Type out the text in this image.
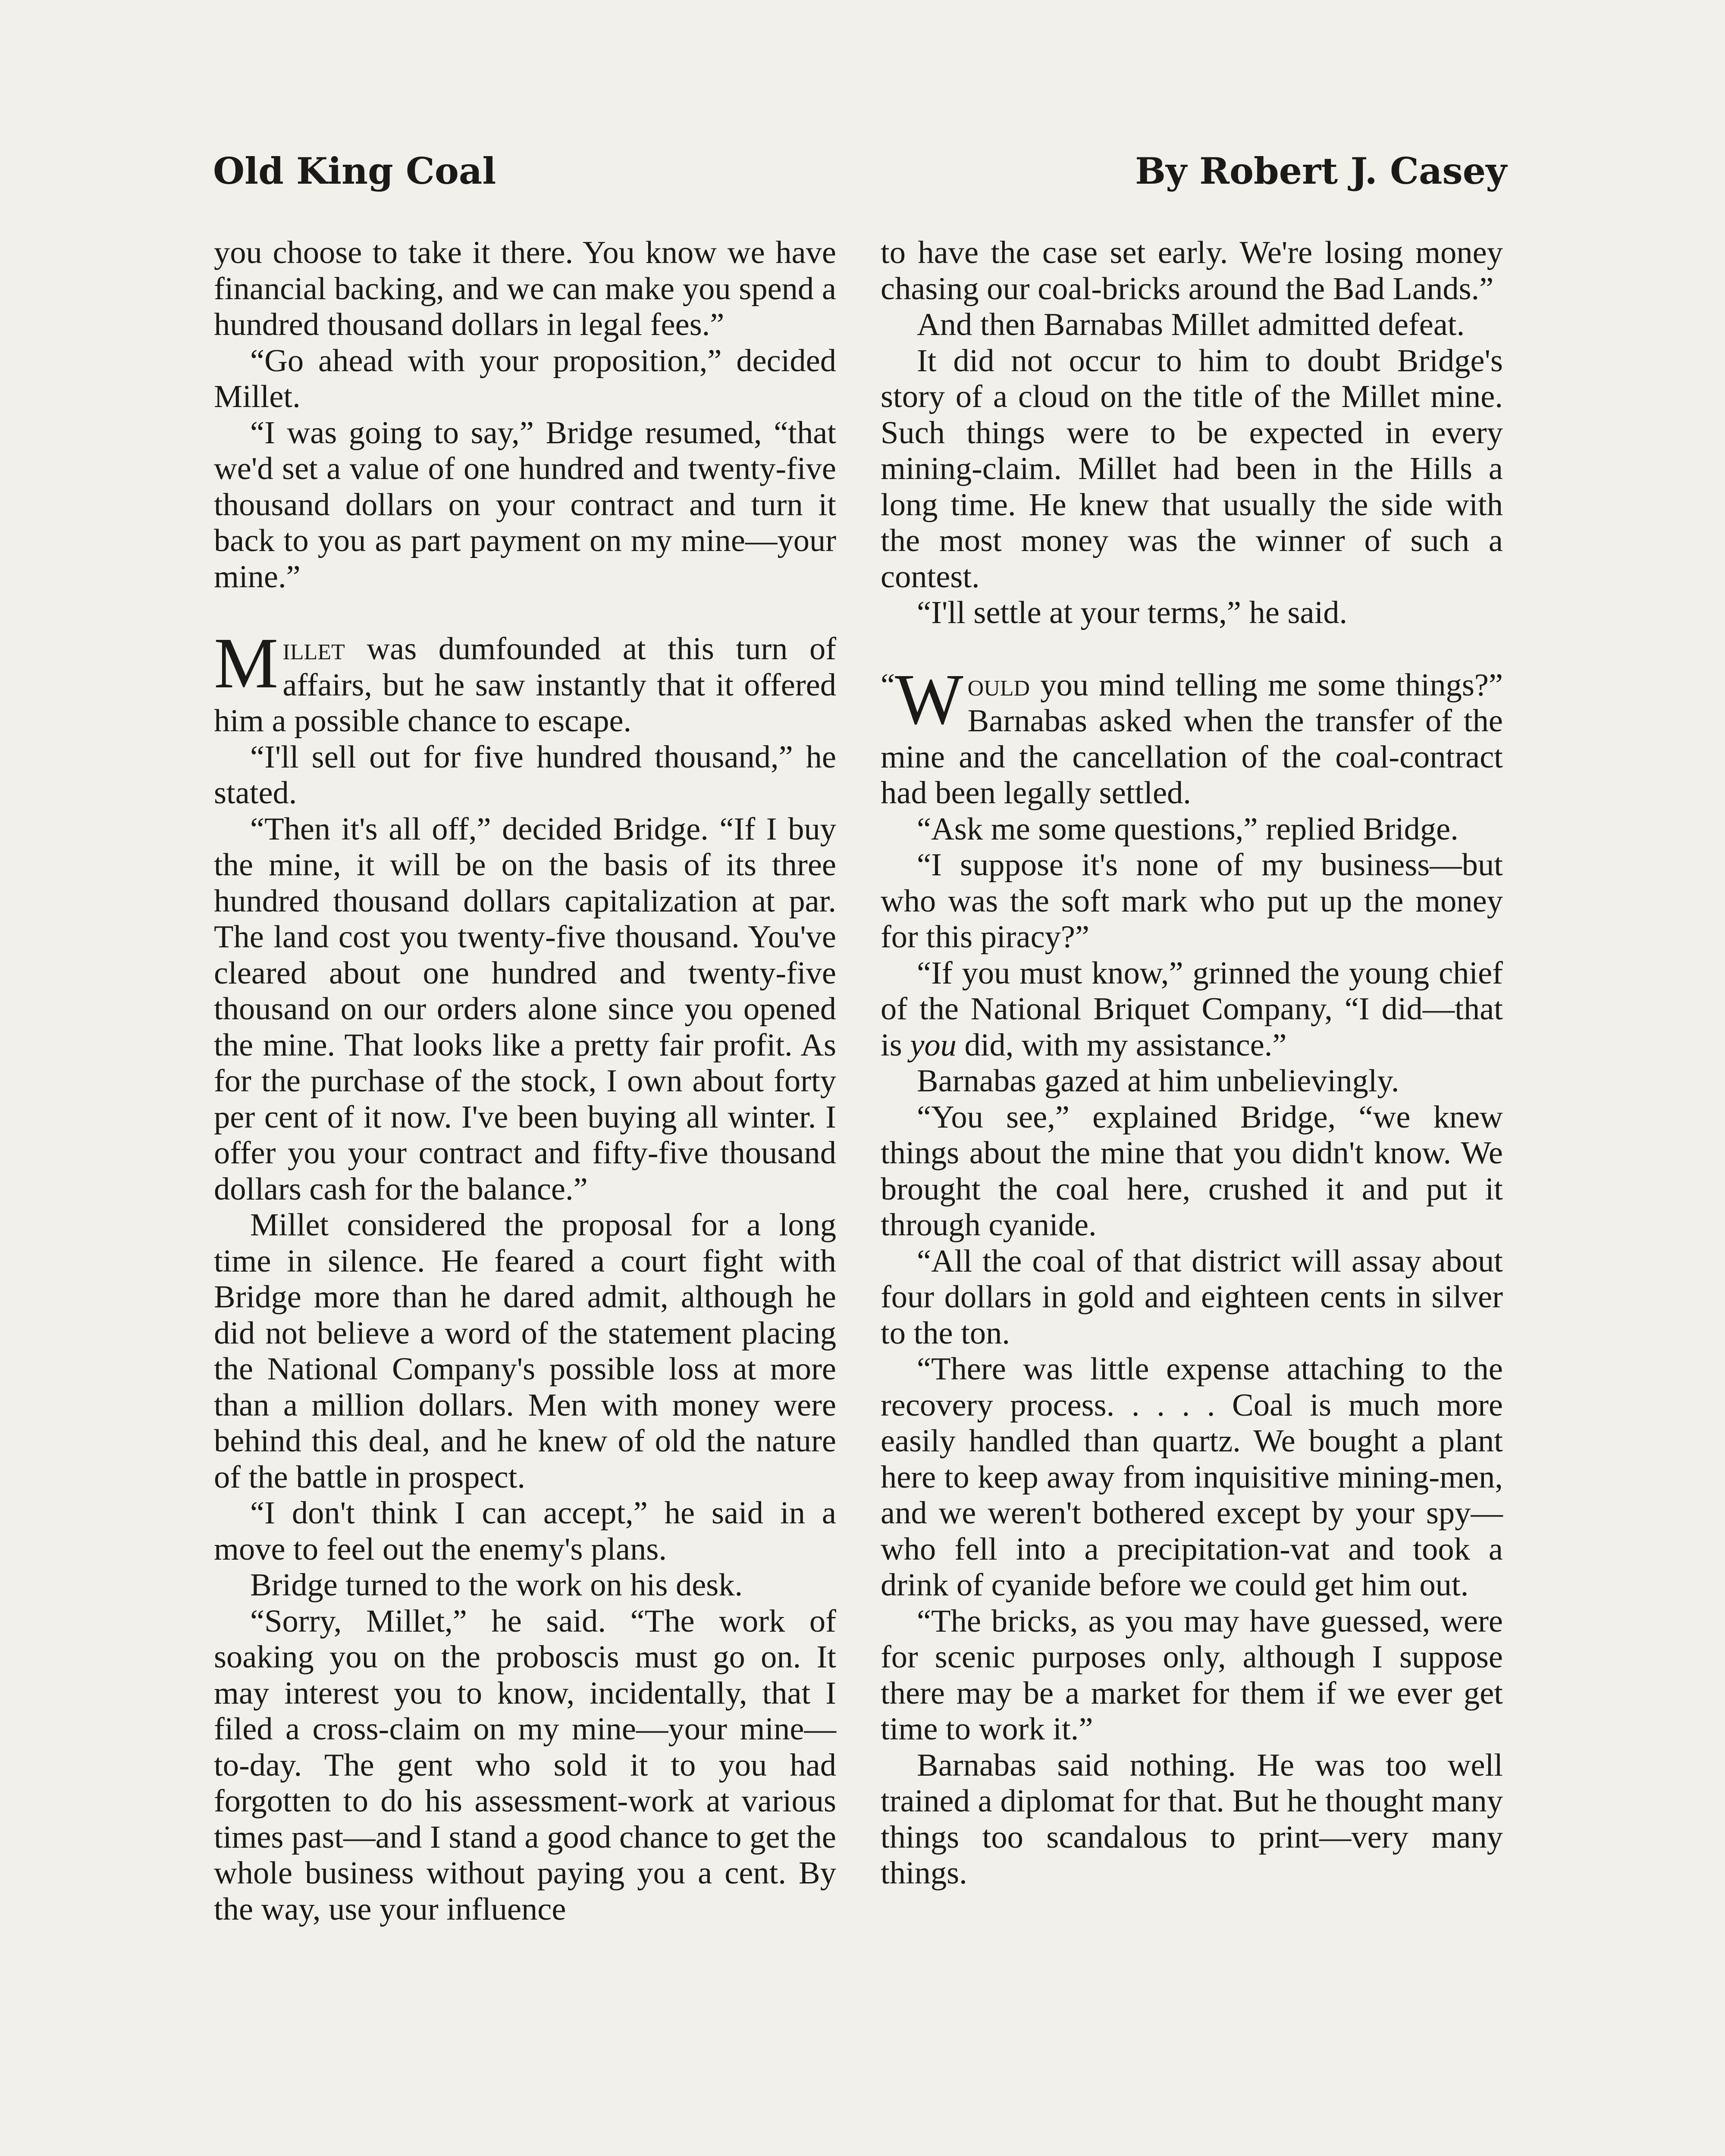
Old King Coal	By Robert J. Casey

you choose to take it there. You know we have financial backing, and we can make you spend a hundred thousand dollars in legal fees.”

“Go ahead with your proposition,” decided Millet.

“I was going to say,” Bridge resumed, “that we'd set a value of one hundred and twenty-five thousand dollars on your contract and turn it back to you as part payment on my mine—your mine.”

Millet was dumfounded at this turn of affairs, but he saw instantly that it offered him a possible chance to escape.

“I'll sell out for five hundred thousand,” he stated.

“Then it's all off,” decided Bridge. “If I buy the mine, it will be on the basis of its three hundred thousand dollars capitalization at par. The land cost you twenty-five thousand. You've cleared about one hundred and twenty-five thousand on our orders alone since you opened the mine. That looks like a pretty fair profit. As for the purchase of the stock, I own about forty per cent of it now. I've been buying all winter. I offer you your contract and fifty-five thousand dollars cash for the balance.”

Millet considered the proposal for a long time in silence. He feared a court fight with Bridge more than he dared admit, although he did not believe a word of the statement placing the National Company's possible loss at more than a million dollars. Men with money were behind this deal, and he knew of old the nature of the battle in prospect.

“I don't think I can accept,” he said in a move to feel out the enemy's plans.

Bridge turned to the work on his desk.

“Sorry, Millet,” he said. “The work of soaking you on the proboscis must go on. It may interest you to know, incidentally, that I filed a cross-claim on my mine—your mine—to-day. The gent who sold it to you had forgotten to do his assessment-work at various times past—and I stand a good chance to get the whole business without paying you a cent. By the way, use your influence

to have the case set early. We're losing money chasing our coal-bricks around the Bad Lands.”

And then Barnabas Millet admitted defeat.

It did not occur to him to doubt Bridge's story of a cloud on the title of the Millet mine. Such things were to be expected in every mining-claim. Millet had been in the Hills a long time. He knew that usually the side with the most money was the winner of such a contest.

“I'll settle at your terms,” he said.

“ W ould you mind telling me some things?” Barnabas asked when the transfer of the mine and the cancellation of the coal-contract had been legally settled.

“Ask me some questions,” replied Bridge.

“I suppose it's none of my business—but who was the soft mark who put up the money for this piracy?”

“If you must know,” grinned the young chief of the National Briquet Company, “I did—that is you did, with my assistance.”

Barnabas gazed at him unbelievingly.

“You see,” explained Bridge, “we knew things about the mine that you didn't know. We brought the coal here, crushed it and put it through cyanide.

“All the coal of that district will assay about four dollars in gold and eighteen cents in silver to the ton.

“There was little expense attaching to the recovery process. . . . . Coal is much more easily handled than quartz. We bought a plant here to keep away from inquisitive mining-men, and we weren't bothered except by your spy—who fell into a precipitation-vat and took a drink of cyanide before we could get him out.

“The bricks, as you may have guessed, were for scenic purposes only, although I suppose there may be a market for them if we ever get time to work it.”

Barnabas said nothing. He was too well trained a diplomat for that. But he thought many things too scandalous to print—very many things.
